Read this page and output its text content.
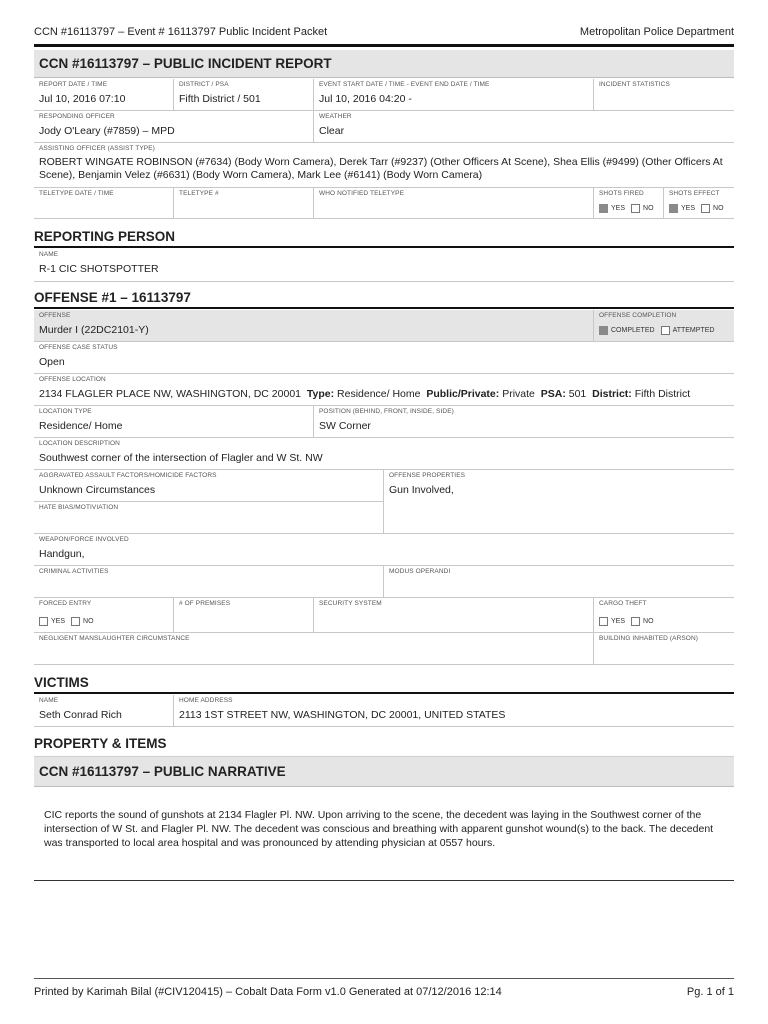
CCN #16113797 – Event # 16113797 Public Incident Packet	Metropolitan Police Department
CCN #16113797 – PUBLIC INCIDENT REPORT
REPORT DATE / TIME
Jul 10, 2016 07:10
DISTRICT / PSA
Fifth District / 501
EVENT START DATE / TIME - EVENT END DATE / TIME
Jul 10, 2016 04:20 -
INCIDENT STATISTICS
RESPONDING OFFICER
Jody O'Leary (#7859) – MPD
WEATHER
Clear
ASSISTING OFFICER (ASSIST TYPE)
ROBERT WINGATE ROBINSON (#7634) (Body Worn Camera), Derek Tarr (#9237) (Other Officers At Scene), Shea Ellis (#9499) (Other Officers At Scene), Benjamin Velez (#6631) (Body Worn Camera), Mark Lee (#6141) (Body Worn Camera)
TELETYPE DATE / TIME	TELETYPE #	WHO NOTIFIED TELETYPE	SHOTS FIRED
YES	NO
SHOTS EFFECT
YES	NO
REPORTING PERSON
NAME
R-1 CIC SHOTSPOTTER
OFFENSE #1 – 16113797
OFFENSE
Murder I (22DC2101-Y)
OFFENSE COMPLETION
COMPLETED	ATTEMPTED
OFFENSE CASE STATUS
Open
OFFENSE LOCATION
2134 FLAGLER PLACE NW, WASHINGTON, DC 20001 Type: Residence/ Home Public/Private: Private PSA: 501 District: Fifth District
LOCATION TYPE
Residence/ Home
POSITION (BEHIND, FRONT, INSIDE, SIDE)
SW Corner
LOCATION DESCRIPTION
Southwest corner of the intersection of Flagler and W St. NW
AGGRAVATED ASSAULT FACTORS/HOMICIDE FACTORS
Unknown Circumstances
OFFENSE PROPERTIES
Gun Involved,
HATE BIAS/MOTIVIATION
WEAPON/FORCE INVOLVED
Handgun,
CRIMINAL ACTIVITIES	MODUS OPERANDI
FORCED ENTRY
YES	NO
# OF PREMISES	SECURITY SYSTEM	CARGO THEFT
YES	NO
NEGLIGENT MANSLAUGHTER CIRCUMSTANCE	BUILDING INHABITED (ARSON)
VICTIMS
NAME
Seth Conrad Rich
HOME ADDRESS
2113 1ST STREET NW, WASHINGTON, DC 20001, UNITED STATES
PROPERTY & ITEMS
CCN #16113797 – PUBLIC NARRATIVE
CIC reports the sound of gunshots at 2134 Flagler Pl. NW. Upon arriving to the scene, the decedent was laying in the Southwest corner of the intersection of W St. and Flagler Pl. NW. The decedent was conscious and breathing with apparent gunshot wound(s) to the back. The decedent was transported to local area hospital and was pronounced by attending physician at 0557 hours.
Printed by Karimah Bilal (#CIV120415) – Cobalt Data Form v1.0 Generated at 07/12/2016 12:14	Pg. 1 of 1
